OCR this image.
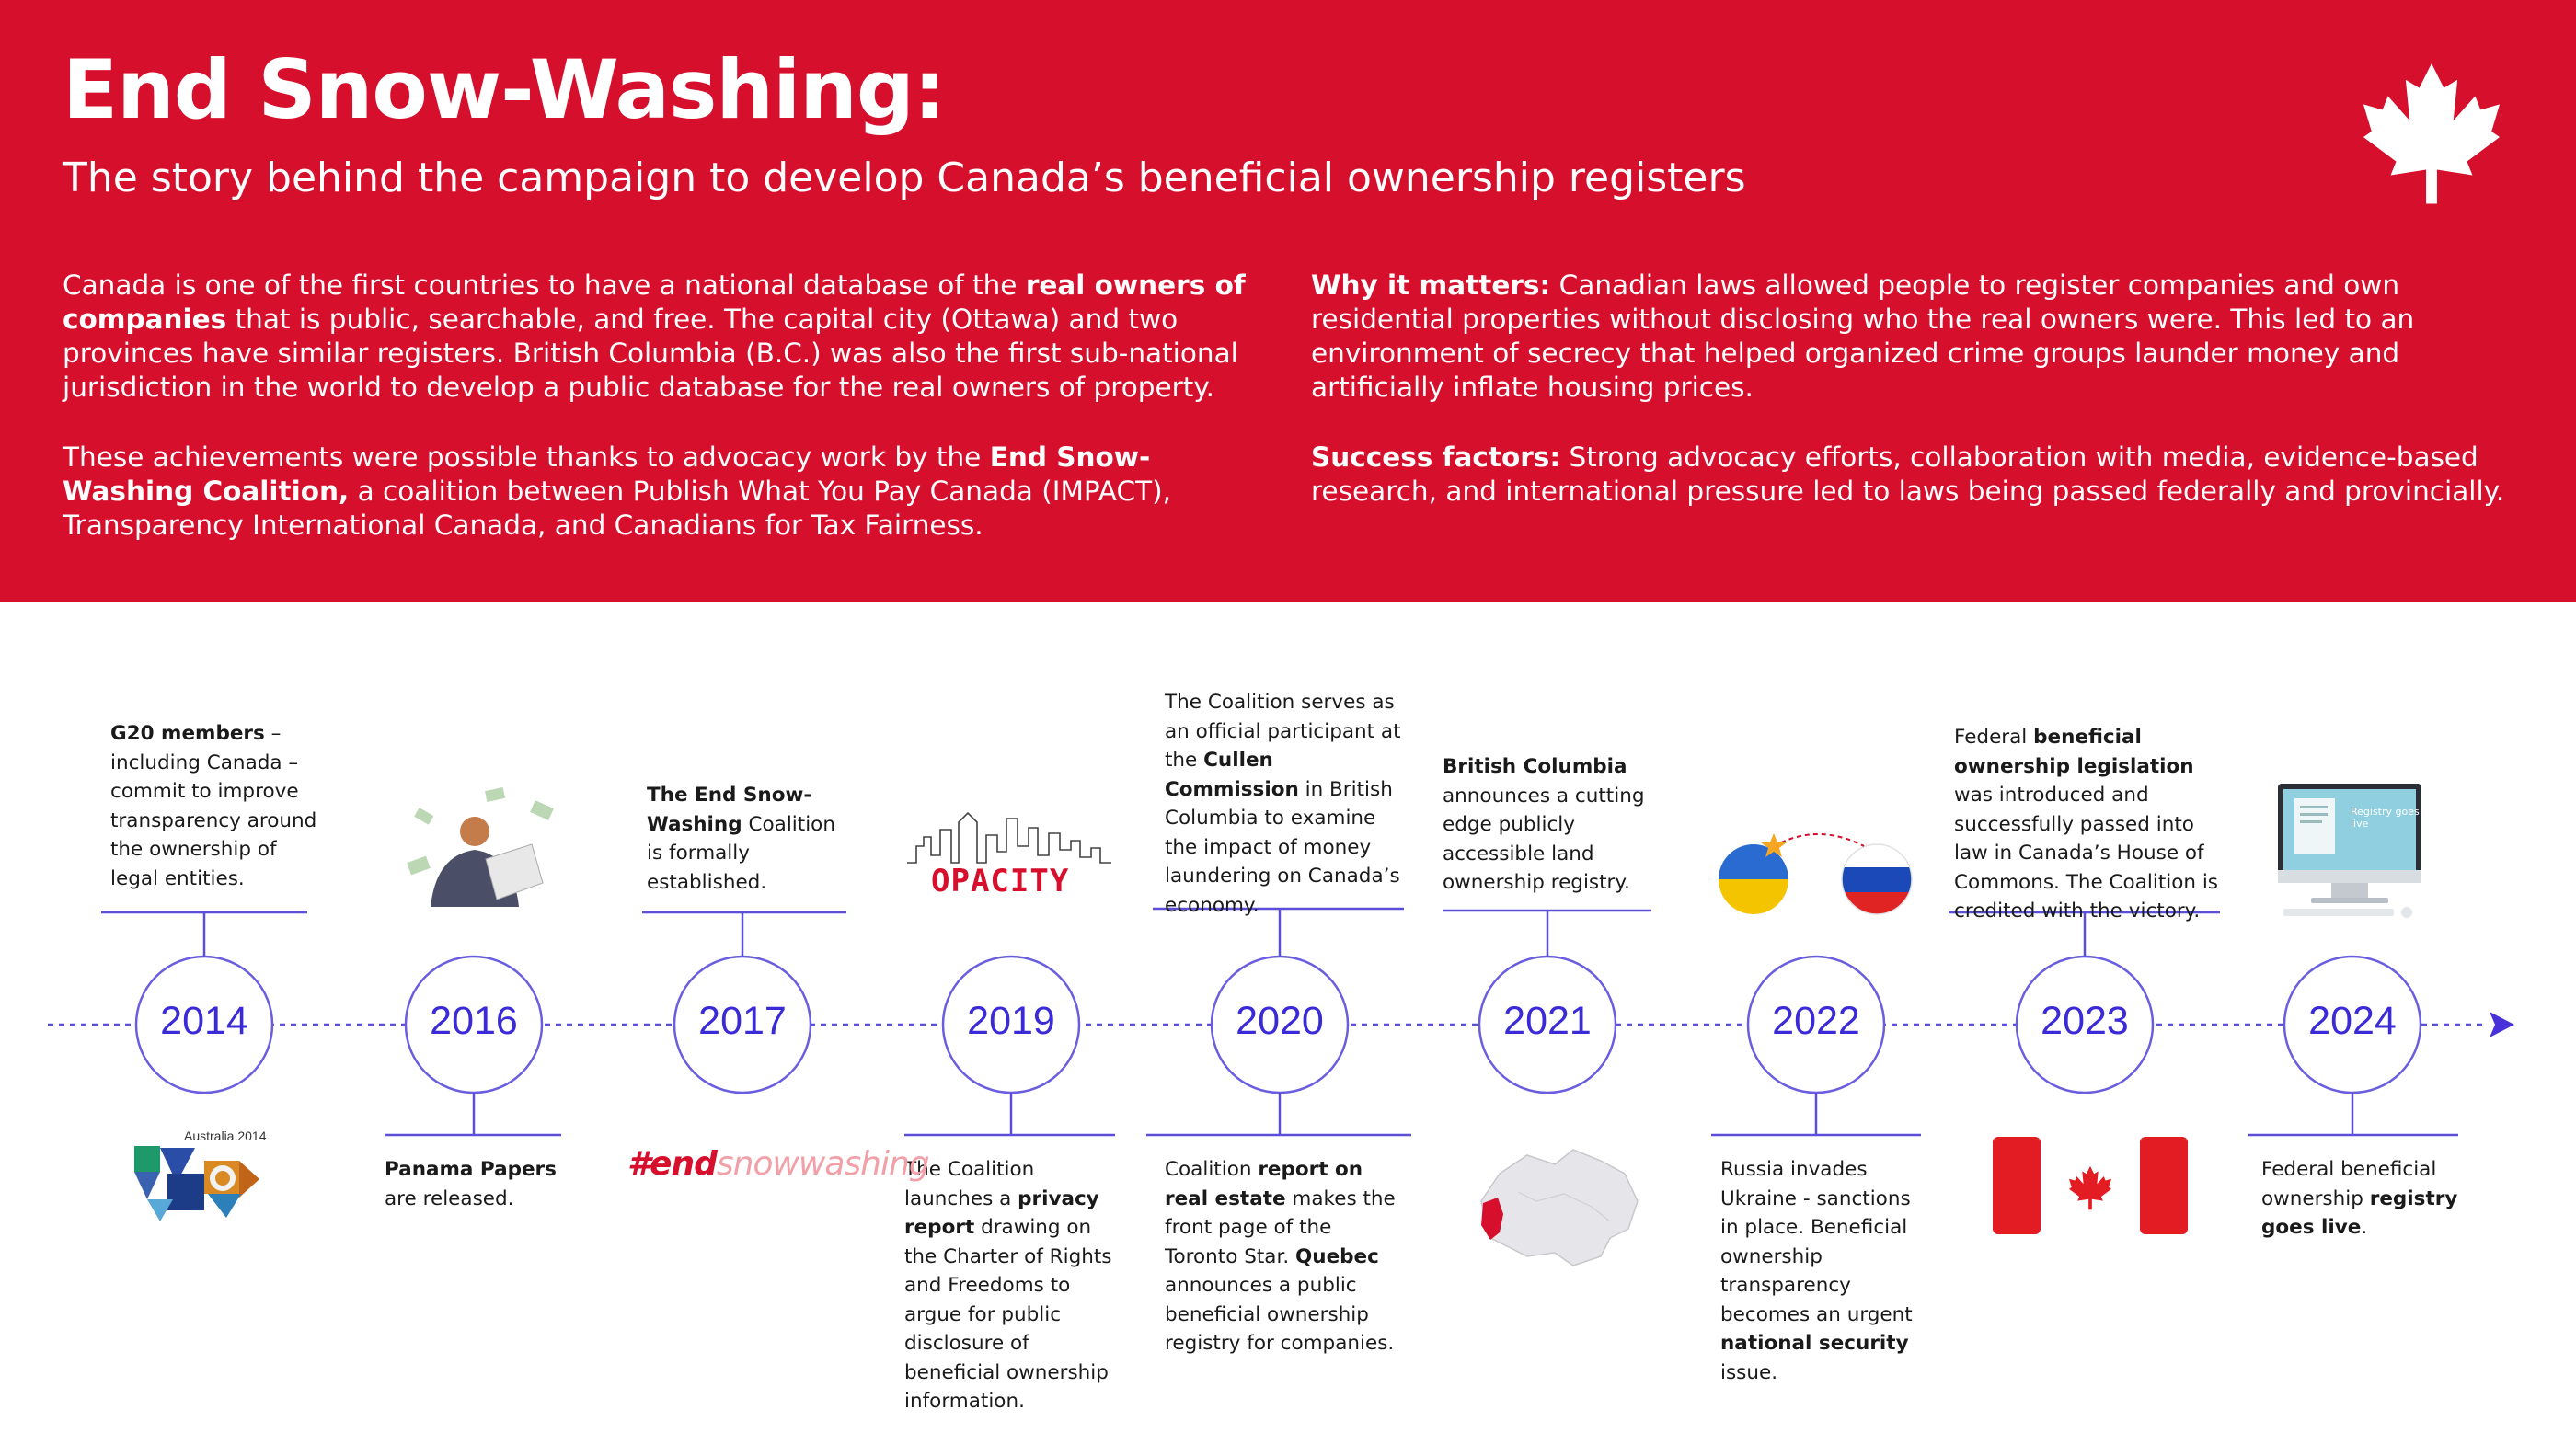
End Snow-Washing:
The story behind the campaign to develop Canada’s beneficial ownership registers
Canada is one of the first countries to have a national database of the real owners of companies that is public, searchable, and free. The capital city (Ottawa) and two provinces have similar registers. British Columbia (B.C.) was also the first sub-national jurisdiction in the world to develop a public database for the real owners of property.
These achievements were possible thanks to advocacy work by the End Snow-Washing Coalition, a coalition between Publish What You Pay Canada (IMPACT), Transparency International Canada, and Canadians for Tax Fairness.
Why it matters: Canadian laws allowed people to register companies and own residential properties without disclosing who the real owners were. This led to an environment of secrecy that helped organized crime groups launder money and artificially inflate housing prices.
Success factors: Strong advocacy efforts, collaboration with media, evidence-based research, and international pressure led to laws being passed federally and provincially.
2014	2016	2017	2019	2020	2021	2022	2023	2024
G20 members – including Canada – commit to improve transparency around the ownership of legal entities.
Panama Papers are released.
The End Snow-Washing Coalition is formally established.
The Coalition launches a privacy report drawing on the Charter of Rights and Freedoms to argue for public disclosure of beneficial ownership information.
The Coalition serves as an official participant at the Cullen Commission in British Columbia to examine the impact of money laundering on Canada’s economy.
Coalition report on real estate makes the front page of the Toronto Star. Quebec announces a public beneficial ownership registry for companies.
British Columbia announces a cutting edge publicly accessible land ownership registry.
Russia invades Ukraine - sanctions in place. Beneficial ownership transparency becomes an urgent national security issue.
Federal beneficial ownership legislation was introduced and successfully passed into law in Canada’s House of Commons. The Coalition is credited with the victory.
Federal beneficial ownership registry goes live.
Australia 2014
#endsnowwashing
OPACITY
Registry goes live
